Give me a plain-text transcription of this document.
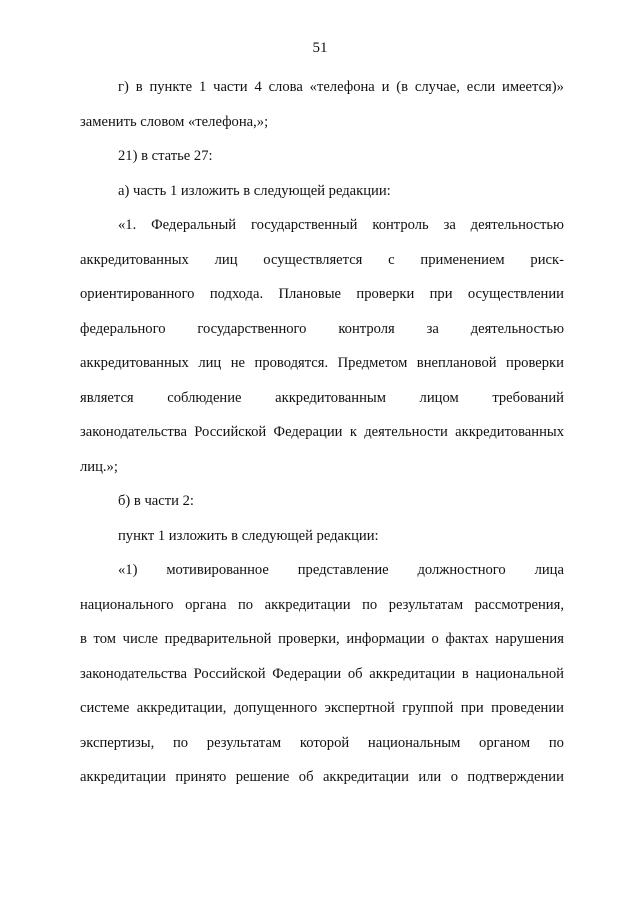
51
г) в пункте 1 части 4 слова «телефона и (в случае, если имеется)»
заменить словом «телефона,»;
21) в статье 27:
а) часть 1 изложить в следующей редакции:
«1. Федеральный государственный контроль за деятельностью
аккредитованных лиц осуществляется с применением риск-
ориентированного подхода. Плановые проверки при осуществлении
федерального государственного контроля за деятельностью
аккредитованных лиц не проводятся. Предметом внеплановой проверки
является соблюдение аккредитованным лицом требований
законодательства Российской Федерации к деятельности аккредитованных
лиц.»;
б) в части 2:
пункт 1 изложить в следующей редакции:
«1) мотивированное представление должностного лица
национального органа по аккредитации по результатам рассмотрения,
в том числе предварительной проверки, информации о фактах нарушения
законодательства Российской Федерации об аккредитации в национальной
системе аккредитации, допущенного экспертной группой при проведении
экспертизы, по результатам которой национальным органом по
аккредитации принято решение об аккредитации или о подтверждении
